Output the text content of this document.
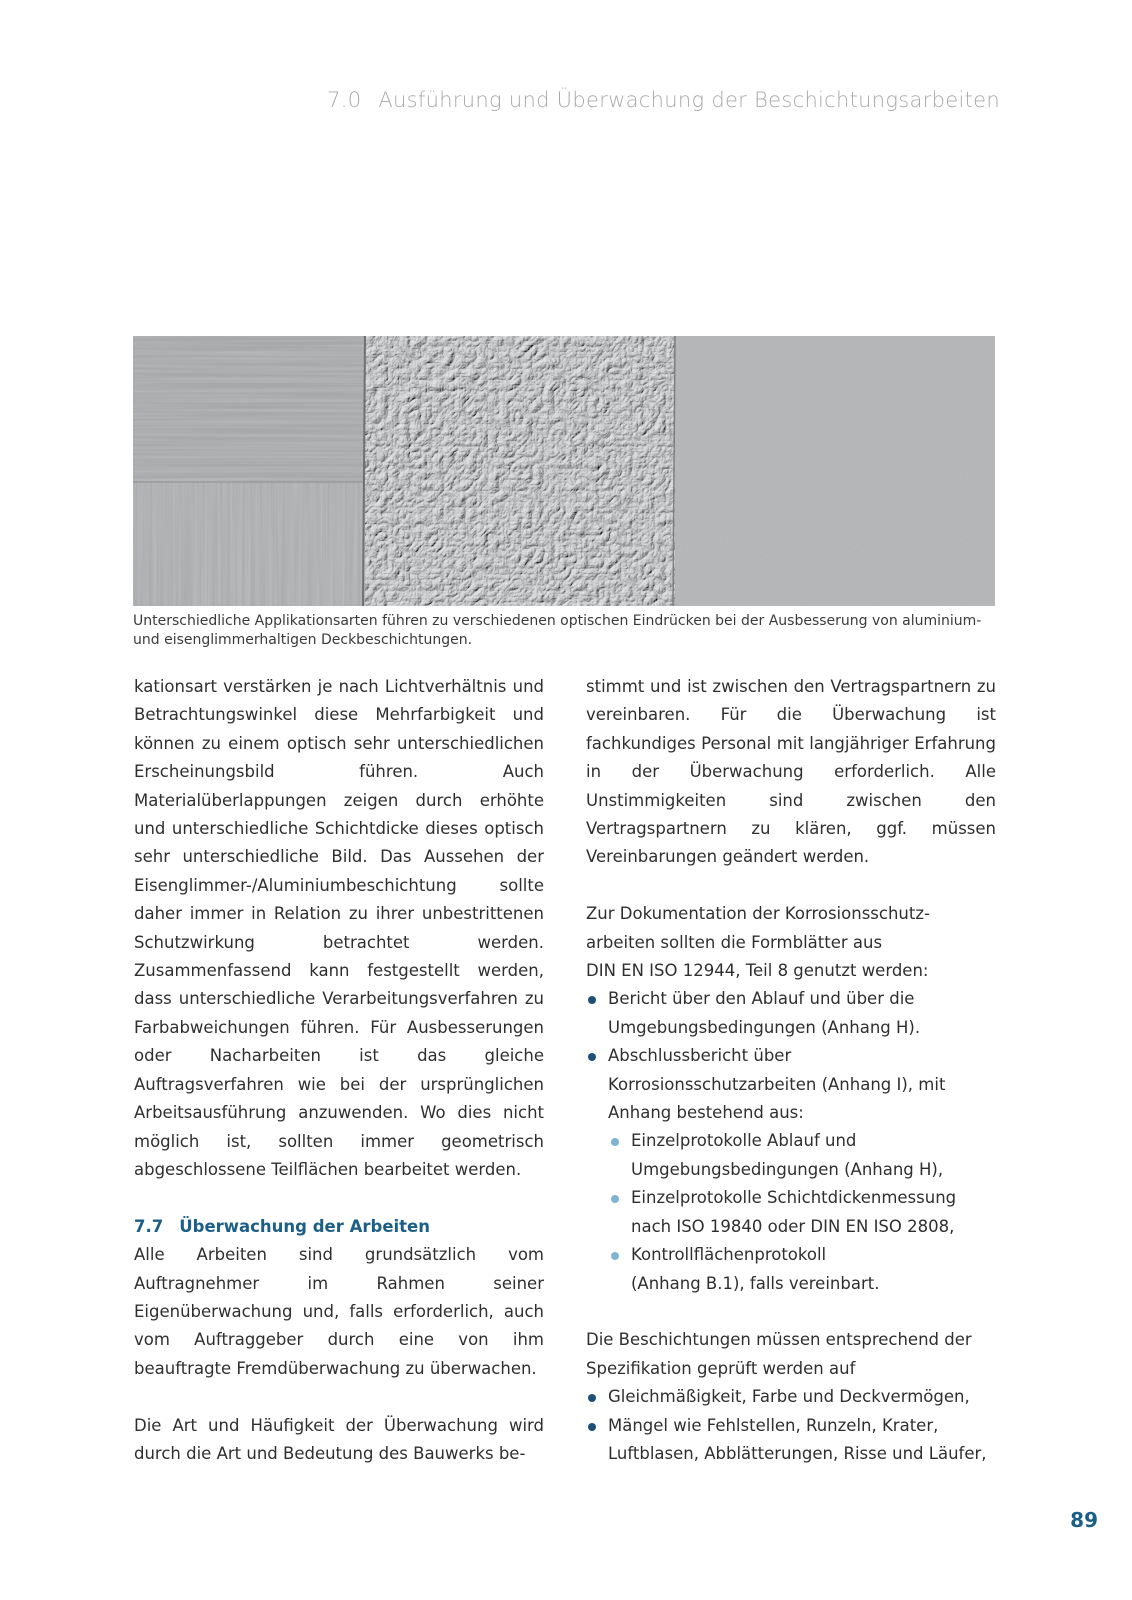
7.0 Ausführung und Überwachung der Beschichtungsarbeiten
Unterschiedliche Applikationsarten führen zu verschiedenen optischen Eindrücken bei der Ausbesserung von aluminium- und eisenglimmerhaltigen Deckbeschichtungen.

kationsart verstärken je nach Lichtverhältnis und Betrachtungswinkel diese Mehrfarbigkeit und können zu einem optisch sehr unterschiedlichen Erscheinungsbild führen. Auch Materialüberlappungen zeigen durch erhöhte und unterschiedliche Schichtdicke dieses optisch sehr unterschiedliche Bild. Das Aussehen der Eisenglimmer-/Aluminiumbeschichtung sollte daher immer in Relation zu ihrer unbestrittenen Schutzwirkung betrachtet werden. Zusammenfassend kann festgestellt werden, dass unterschiedliche Verarbeitungsverfahren zu Farbabweichungen führen. Für Ausbesserungen oder Nacharbeiten ist das gleiche Auftragsverfahren wie bei der ursprünglichen Arbeitsausführung anzuwenden. Wo dies nicht möglich ist, sollten immer geometrisch abgeschlossene Teilflächen bearbeitet werden.

7.7 Überwachung der Arbeiten

Alle Arbeiten sind grundsätzlich vom Auftragnehmer im Rahmen seiner Eigenüberwachung und, falls erforderlich, auch vom Auftraggeber durch eine von ihm beauftragte Fremdüberwachung zu überwachen.

Die Art und Häufigkeit der Überwachung wird durch die Art und Bedeutung des Bauwerks be-

stimmt und ist zwischen den Vertragspartnern zu vereinbaren. Für die Überwachung ist fachkundiges Personal mit langjähriger Erfahrung in der Überwachung erforderlich. Alle Unstimmigkeiten sind zwischen den Vertragspartnern zu klären, ggf. müssen Vereinbarungen geändert werden.

Zur Dokumentation der Korrosionsschutz-
arbeiten sollten die Formblätter aus
DIN EN ISO 12944, Teil 8 genutzt werden:

Bericht über den Ablauf und über die Umgebungsbedingungen (Anhang H).
Abschlussbericht über Korrosionsschutzarbeiten (Anhang I), mit Anhang bestehend aus:
Einzelprotokolle Ablauf und Umgebungsbedingungen (Anhang H),
Einzelprotokolle Schichtdickenmessung nach ISO 19840 oder DIN EN ISO 2808,
Kontrollflächenprotokoll
(Anhang B.1), falls vereinbart.

Die Beschichtungen müssen entsprechend der
Spezifikation geprüft werden auf

Gleichmäßigkeit, Farbe und Deckvermögen,
Mängel wie Fehlstellen, Runzeln, Krater,
Luftblasen, Abblätterungen, Risse und Läufer,
89
